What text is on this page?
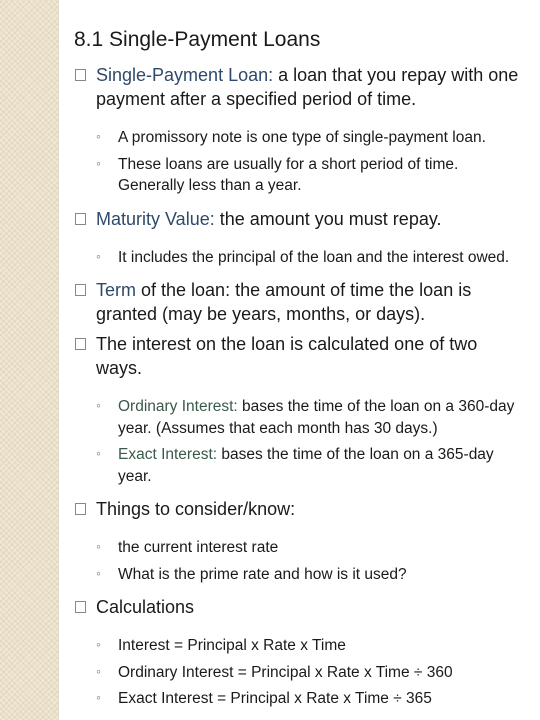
8.1 Single-Payment Loans
Single-Payment Loan: a loan that you repay with one payment after a specified period of time.
◦ A promissory note is one type of single-payment loan.
◦ These loans are usually for a short period of time. Generally less than a year.
Maturity Value: the amount you must repay.
◦ It includes the principal of the loan and the interest owed.
Term of the loan: the amount of time the loan is granted (may be years, months, or days).
The interest on the loan is calculated one of two ways.
◦ Ordinary Interest: bases the time of the loan on a 360-day year. (Assumes that each month has 30 days.)
◦ Exact Interest: bases the time of the loan on a 365-day year.
Things to consider/know:
◦ the current interest rate
◦ What is the prime rate and how is it used?
Calculations
◦ Interest = Principal x Rate x Time
◦ Ordinary Interest = Principal x Rate x Time ÷ 360
◦ Exact Interest = Principal x Rate x Time ÷ 365
